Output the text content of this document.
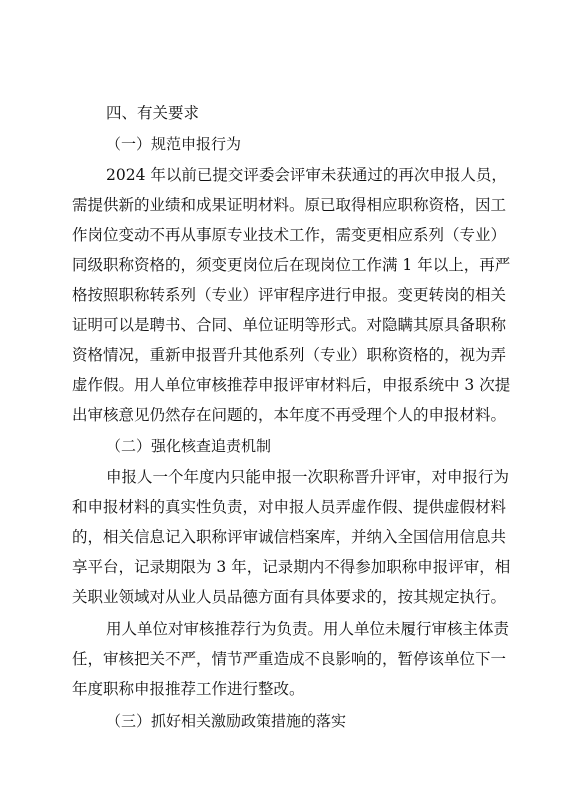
四、有关要求
（一）规范申报行为
2024 年以前已提交评委会评审未获通过的再次申报人员，
需提供新的业绩和成果证明材料。原已取得相应职称资格，因工
作岗位变动不再从事原专业技术工作，需变更相应系列（专业）
同级职称资格的，须变更岗位后在现岗位工作满 1 年以上，再严
格按照职称转系列（专业）评审程序进行申报。变更转岗的相关
证明可以是聘书、合同、单位证明等形式。对隐瞒其原具备职称
资格情况，重新申报晋升其他系列（专业）职称资格的，视为弄
虚作假。用人单位审核推荐申报评审材料后，申报系统中 3 次提
出审核意见仍然存在问题的，本年度不再受理个人的申报材料。
（二）强化核查追责机制
申报人一个年度内只能申报一次职称晋升评审，对申报行为
和申报材料的真实性负责，对申报人员弄虚作假、提供虚假材料
的，相关信息记入职称评审诚信档案库，并纳入全国信用信息共
享平台，记录期限为 3 年，记录期内不得参加职称申报评审，相
关职业领域对从业人员品德方面有具体要求的，按其规定执行。
用人单位对审核推荐行为负责。用人单位未履行审核主体责
任，审核把关不严，情节严重造成不良影响的，暂停该单位下一
年度职称申报推荐工作进行整改。
（三）抓好相关激励政策措施的落实
